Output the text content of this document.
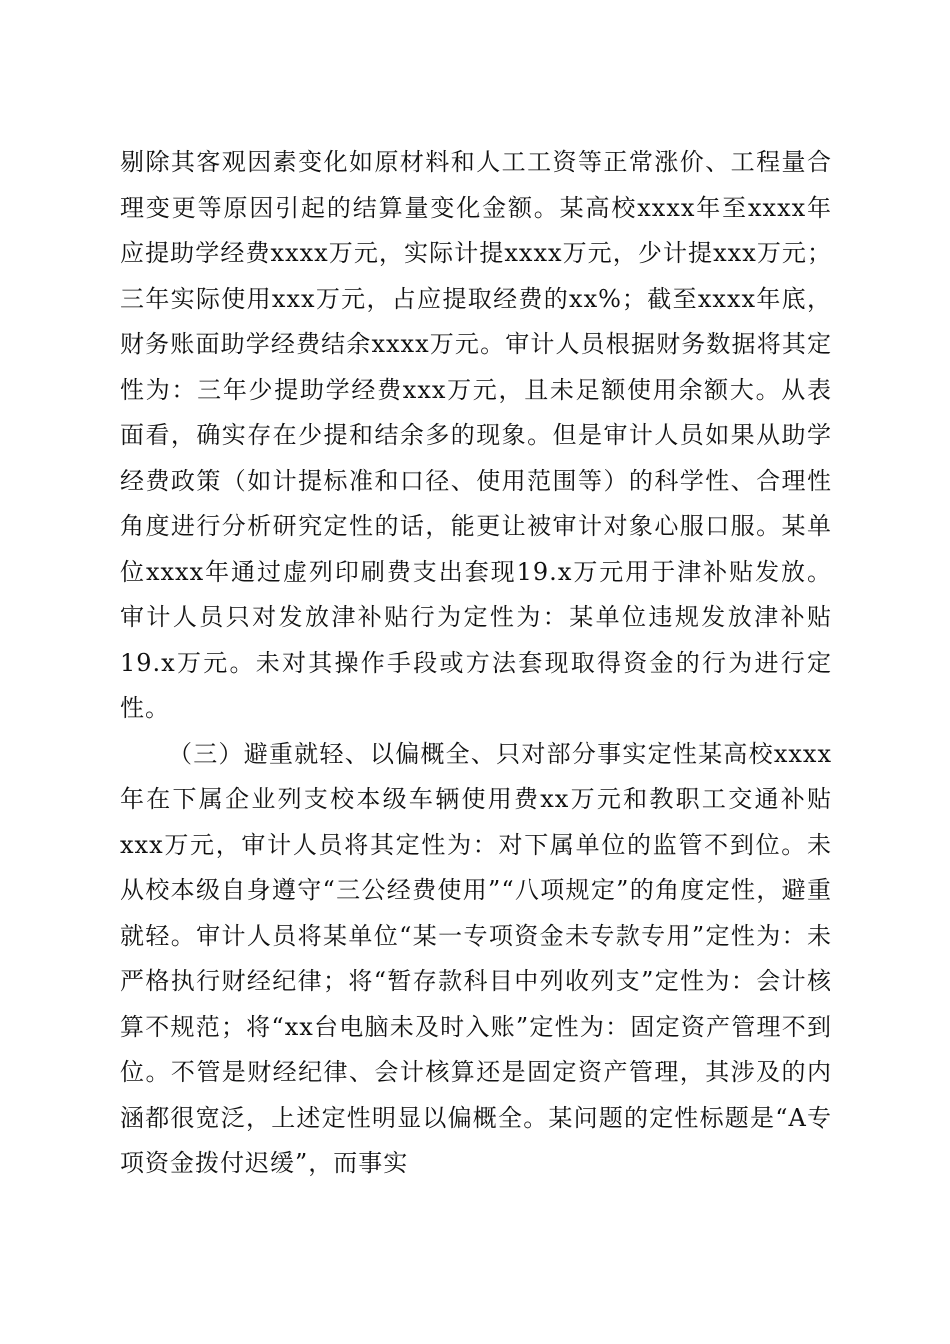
剔除其客观因素变化如原材料和人工工资等正常涨价、工程量合理变更等原因引起的结算量变化金额。某高校xxxx年至xxxx年应提助学经费xxxx万元，实际计提xxxx万元，少计提xxx万元；三年实际使用xxx万元，占应提取经费的xx%；截至xxxx年底，财务账面助学经费结余xxxx万元。审计人员根据财务数据将其定性为：三年少提助学经费xxx万元，且未足额使用余额大。从表面看，确实存在少提和结余多的现象。但是审计人员如果从助学经费政策（如计提标准和口径、使用范围等）的科学性、合理性角度进行分析研究定性的话，能更让被审计对象心服口服。某单位xxxx年通过虚列印刷费支出套现19.x万元用于津补贴发放。审计人员只对发放津补贴行为定性为：某单位违规发放津补贴19.x万元。未对其操作手段或方法套现取得资金的行为进行定性。

（三）避重就轻、以偏概全、只对部分事实定性某高校xxxx年在下属企业列支校本级车辆使用费xx万元和教职工交通补贴xxx万元，审计人员将其定性为：对下属单位的监管不到位。未从校本级自身遵守“三公经费使用”“八项规定”的角度定性，避重就轻。审计人员将某单位“某一专项资金未专款专用”定性为：未严格执行财经纪律；将“暂存款科目中列收列支”定性为：会计核算不规范；将“xx台电脑未及时入账”定性为：固定资产管理不到位。不管是财经纪律、会计核算还是固定资产管理，其涉及的内涵都很宽泛，上述定性明显以偏概全。某问题的定性标题是“A专项资金拨付迟缓”，而事实
